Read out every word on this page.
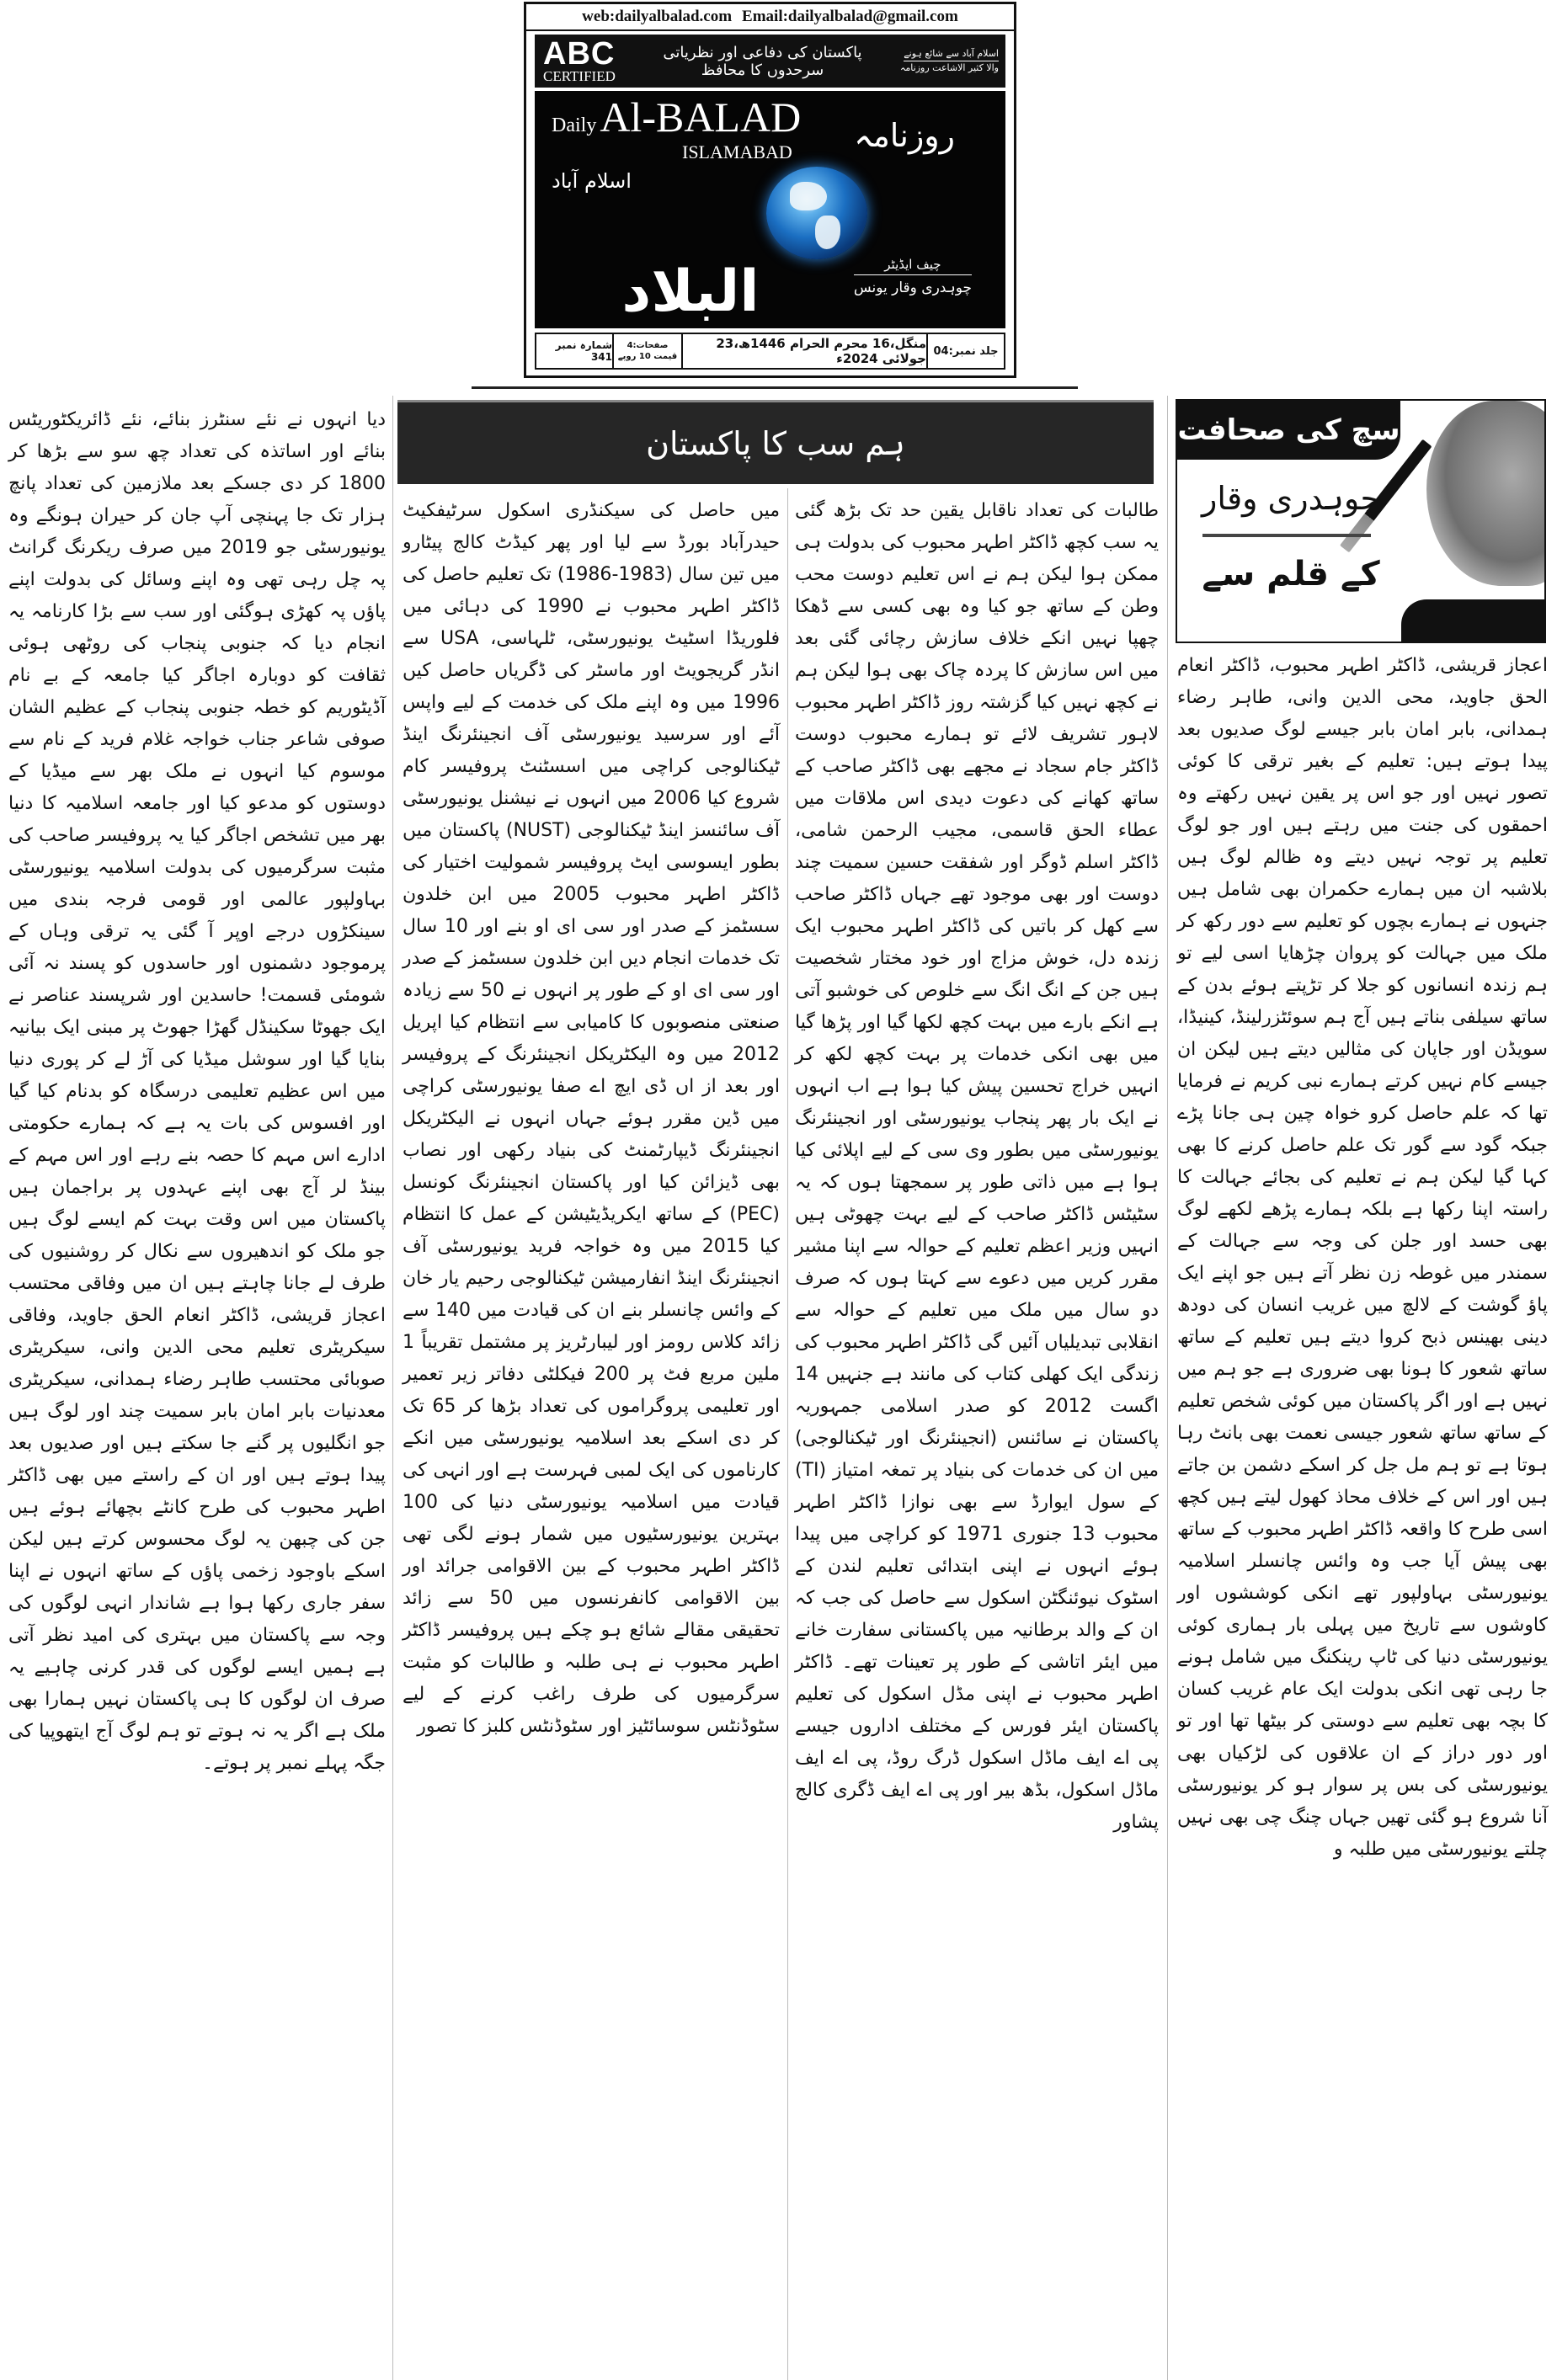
web:dailyalbalad.com Email:dailyalbalad@gmail.com
ABC
CERTIFIED
پاکستان کی دفاعی اور نظریاتی سرحدوں کا محافظ
اسلام آباد سے شائع ہونے
والا کثیر الاشاعت روزنامہ
Daily Al-BALAD
ISLAMABAD روزنامہ
اسلام آباد
البلاد	چیف ایڈیٹر
چوہدری وقار یونس
جلد نمبر:04
منگل،16 محرم الحرام 1446ھ،23 جولائی 2024ء
صفحات:4
قیمت 10 روپے
شمارہ نمبر 341
ہم سب کا پاکستان	سچ کی صحافت
چوہدری وقار
کے قلم سے
اعجاز قریشی، ڈاکٹر اطہر محبوب، ڈاکٹر انعام الحق جاوید، محی الدین وانی، طاہر رضاء ہمدانی، بابر امان بابر جیسے لوگ صدیوں بعد پیدا ہوتے ہیں: تعلیم کے بغیر ترقی کا کوئی تصور نہیں اور جو اس پر یقین نہیں رکھتے وہ احمقوں کی جنت میں رہتے ہیں اور جو لوگ تعلیم پر توجہ نہیں دیتے وہ ظالم لوگ ہیں بلاشبہ ان میں ہمارے حکمران بھی شامل ہیں جنہوں نے ہمارے بچوں کو تعلیم سے دور رکھ کر ملک میں جہالت کو پروان چڑھایا اسی لیے تو ہم زندہ انسانوں کو جلا کر تڑپتے ہوئے بدن کے ساتھ سیلفی بناتے ہیں آج ہم سوئٹزرلینڈ، کینیڈا، سویڈن اور جاپان کی مثالیں دیتے ہیں لیکن ان جیسے کام نہیں کرتے ہمارے نبی کریم نے فرمایا تھا کہ علم حاصل کرو خواہ چین ہی جانا پڑے جبکہ گود سے گور تک علم حاصل کرنے کا بھی کہا گیا لیکن ہم نے تعلیم کی بجائے جہالت کا راستہ اپنا رکھا ہے بلکہ ہمارے پڑھے لکھے لوگ بھی حسد اور جلن کی وجہ سے جہالت کے سمندر میں غوطہ زن نظر آتے ہیں جو اپنے ایک پاؤ گوشت کے لالچ میں غریب انسان کی دودھ دینی بھینس ذبح کروا دیتے ہیں تعلیم کے ساتھ ساتھ شعور کا ہونا بھی ضروری ہے جو ہم میں نہیں ہے اور اگر پاکستان میں کوئی شخص تعلیم کے ساتھ ساتھ شعور جیسی نعمت بھی بانٹ رہا ہوتا ہے تو ہم مل جل کر اسکے دشمن بن جاتے ہیں اور اس کے خلاف محاذ کھول لیتے ہیں کچھ اسی طرح کا واقعہ ڈاکٹر اطہر محبوب کے ساتھ بھی پیش آیا جب وہ وائس چانسلر اسلامیہ یونیورسٹی بہاولپور تھے انکی کوششوں اور کاوشوں سے تاریخ میں پہلی بار ہماری کوئی یونیورسٹی دنیا کی ٹاپ رینکنگ میں شامل ہونے جا رہی تھی انکی بدولت ایک عام غریب کسان کا بچہ بھی تعلیم سے دوستی کر بیٹھا تھا اور تو اور دور دراز کے ان علاقوں کی لڑکیاں بھی یونیورسٹی کی بس پر سوار ہو کر یونیورسٹی آنا شروع ہو گئی تھیں جہاں چنگ چی بھی نہیں چلتے یونیورسٹی میں طلبہ و
طالبات کی تعداد ناقابل یقین حد تک بڑھ گئی یہ سب کچھ ڈاکٹر اطہر محبوب کی بدولت ہی ممکن ہوا لیکن ہم نے اس تعلیم دوست محب وطن کے ساتھ جو کیا وہ بھی کسی سے ڈھکا چھپا نہیں انکے خلاف سازش رچائی گئی بعد میں اس سازش کا پردہ چاک بھی ہوا لیکن ہم نے کچھ نہیں کیا گزشتہ روز ڈاکٹر اطہر محبوب لاہور تشریف لائے تو ہمارے محبوب دوست ڈاکٹر جام سجاد نے مجھے بھی ڈاکٹر صاحب کے ساتھ کھانے کی دعوت دیدی اس ملاقات میں عطاء الحق قاسمی، مجیب الرحمن شامی، ڈاکٹر اسلم ڈوگر اور شفقت حسین سمیت چند دوست اور بھی موجود تھے جہاں ڈاکٹر صاحب سے کھل کر باتیں کی ڈاکٹر اطہر محبوب ایک زندہ دل، خوش مزاج اور خود مختار شخصیت ہیں جن کے انگ انگ سے خلوص کی خوشبو آتی ہے انکے بارے میں بہت کچھ لکھا گیا اور پڑھا گیا میں بھی انکی خدمات پر بہت کچھ لکھ کر انہیں خراج تحسین پیش کیا ہوا ہے اب انہوں نے ایک بار پھر پنجاب یونیورسٹی اور انجینئرنگ یونیورسٹی میں بطور وی سی کے لیے اپلائی کیا ہوا ہے میں ذاتی طور پر سمجھتا ہوں کہ یہ سٹیٹس ڈاکٹر صاحب کے لیے بہت چھوٹی ہیں انہیں وزیر اعظم تعلیم کے حوالہ سے اپنا مشیر مقرر کریں میں دعوے سے کہتا ہوں کہ صرف دو سال میں ملک میں تعلیم کے حوالہ سے انقلابی تبدیلیاں آئیں گی ڈاکٹر اطہر محبوب کی زندگی ایک کھلی کتاب کی مانند ہے جنہیں 14 اگست 2012 کو صدر اسلامی جمہوریہ پاکستان نے سائنس (انجینئرنگ اور ٹیکنالوجی) میں ان کی خدمات کی بنیاد پر تمغہ امتیاز (TI) کے سول ایوارڈ سے بھی نوازا ڈاکٹر اطہر محبوب 13 جنوری 1971 کو کراچی میں پیدا ہوئے انہوں نے اپنی ابتدائی تعلیم لندن کے اسٹوک نیوئنگٹن اسکول سے حاصل کی جب کہ ان کے والد برطانیہ میں پاکستانی سفارت خانے میں ایئر اتاشی کے طور پر تعینات تھے۔ ڈاکٹر اطہر محبوب نے اپنی مڈل اسکول کی تعلیم پاکستان ایئر فورس کے مختلف اداروں جیسے پی اے ایف ماڈل اسکول ڈرگ روڈ، پی اے ایف ماڈل اسکول، بڈھ بیر اور پی اے ایف ڈگری کالج پشاور
میں حاصل کی سیکنڈری اسکول سرٹیفکیٹ حیدرآباد بورڈ سے لیا اور پھر کیڈٹ کالج پیٹارو میں تین سال (1983-1986) تک تعلیم حاصل کی ڈاکٹر اطہر محبوب نے 1990 کی دہائی میں فلوریڈا اسٹیٹ یونیورسٹی، ٹلہاسی، USA سے انڈر گریجویٹ اور ماسٹر کی ڈگریاں حاصل کیں 1996 میں وہ اپنے ملک کی خدمت کے لیے واپس آئے اور سرسید یونیورسٹی آف انجینئرنگ اینڈ ٹیکنالوجی کراچی میں اسسٹنٹ پروفیسر کام شروع کیا 2006 میں انہوں نے نیشنل یونیورسٹی آف سائنسز اینڈ ٹیکنالوجی (NUST) پاکستان میں بطور ایسوسی ایٹ پروفیسر شمولیت اختیار کی ڈاکٹر اطہر محبوب 2005 میں ابن خلدون سسٹمز کے صدر اور سی ای او بنے اور 10 سال تک خدمات انجام دیں ابن خلدون سسٹمز کے صدر اور سی ای او کے طور پر انہوں نے 50 سے زیادہ صنعتی منصوبوں کا کامیابی سے انتظام کیا اپریل 2012 میں وہ الیکٹریکل انجینئرنگ کے پروفیسر اور بعد از اں ڈی ایچ اے صفا یونیورسٹی کراچی میں ڈین مقرر ہوئے جہاں انہوں نے الیکٹریکل انجینئرنگ ڈیپارٹمنٹ کی بنیاد رکھی اور نصاب بھی ڈیزائن کیا اور پاکستان انجینئرنگ کونسل (PEC) کے ساتھ ایکریڈیٹیشن کے عمل کا انتظام کیا 2015 میں وہ خواجہ فرید یونیورسٹی آف انجینئرنگ اینڈ انفارمیشن ٹیکنالوجی رحیم یار خان کے وائس چانسلر بنے ان کی قیادت میں 140 سے زائد کلاس رومز اور لیبارٹریز پر مشتمل تقریباً 1 ملین مربع فٹ پر 200 فیکلٹی دفاتر زیر تعمیر اور تعلیمی پروگراموں کی تعداد بڑھا کر 65 تک کر دی اسکے بعد اسلامیہ یونیورسٹی میں انکے کارناموں کی ایک لمبی فہرست ہے اور انہی کی قیادت میں اسلامیہ یونیورسٹی دنیا کی 100 بہترین یونیورسٹیوں میں شمار ہونے لگی تھی ڈاکٹر اطہر محبوب کے بین الاقوامی جرائد اور بین الاقوامی کانفرنسوں میں 50 سے زائد تحقیقی مقالے شائع ہو چکے ہیں پروفیسر ڈاکٹر اطہر محبوب نے ہی طلبہ و طالبات کو مثبت سرگرمیوں کی طرف راغب کرنے کے لیے سٹوڈنٹس سوسائٹیز اور سٹوڈنٹس کلبز کا تصور
دیا انہوں نے نئے سنٹرز بنائے، نئے ڈائریکٹوریٹس بنائے اور اساتذہ کی تعداد چھ سو سے بڑھا کر 1800 کر دی جسکے بعد ملازمین کی تعداد پانچ ہزار تک جا پہنچی آپ جان کر حیران ہونگے وہ یونیورسٹی جو 2019 میں صرف ریکرنگ گرانٹ پہ چل رہی تھی وہ اپنے وسائل کی بدولت اپنے پاؤں پہ کھڑی ہوگئی اور سب سے بڑا کارنامہ یہ انجام دیا کہ جنوبی پنجاب کی روٹھی ہوئی ثقافت کو دوبارہ اجاگر کیا جامعہ کے بے نام آڈیٹوریم کو خطہ جنوبی پنجاب کے عظیم الشان صوفی شاعر جناب خواجہ غلام فرید کے نام سے موسوم کیا انہوں نے ملک بھر سے میڈیا کے دوستوں کو مدعو کیا اور جامعہ اسلامیہ کا دنیا بھر میں تشخص اجاگر کیا یہ پروفیسر صاحب کی مثبت سرگرمیوں کی بدولت اسلامیہ یونیورسٹی بہاولپور عالمی اور قومی فرجہ بندی میں سینکڑوں درجے اوپر آ گئی یہ ترقی وہاں کے پرموجود دشمنوں اور حاسدوں کو پسند نہ آئی شومئی قسمت! حاسدین اور شرپسند عناصر نے ایک جھوٹا سکینڈل گھڑا جھوٹ پر مبنی ایک بیانیہ بنایا گیا اور سوشل میڈیا کی آڑ لے کر پوری دنیا میں اس عظیم تعلیمی درسگاہ کو بدنام کیا گیا اور افسوس کی بات یہ ہے کہ ہمارے حکومتی ادارے اس مہم کا حصہ بنے رہے اور اس مہم کے بینڈ لر آج بھی اپنے عہدوں پر براجمان ہیں پاکستان میں اس وقت بہت کم ایسے لوگ ہیں جو ملک کو اندھیروں سے نکال کر روشنیوں کی طرف لے جانا چاہتے ہیں ان میں وفاقی محتسب اعجاز قریشی، ڈاکٹر انعام الحق جاوید، وفاقی سیکریٹری تعلیم محی الدین وانی، سیکریٹری صوبائی محتسب طاہر رضاء ہمدانی، سیکریٹری معدنیات بابر امان بابر سمیت چند اور لوگ ہیں جو انگلیوں پر گنے جا سکتے ہیں اور صدیوں بعد پیدا ہوتے ہیں اور ان کے راستے میں بھی ڈاکٹر اطہر محبوب کی طرح کانٹے بچھائے ہوئے ہیں جن کی چبھن یہ لوگ محسوس کرتے ہیں لیکن اسکے باوجود زخمی پاؤں کے ساتھ انہوں نے اپنا سفر جاری رکھا ہوا ہے شاندار انہی لوگوں کی وجہ سے پاکستان میں بہتری کی امید نظر آتی ہے ہمیں ایسے لوگوں کی قدر کرنی چاہیے یہ صرف ان لوگوں کا ہی پاکستان نہیں ہمارا بھی ملک ہے اگر یہ نہ ہوتے تو ہم لوگ آج ایتھوپیا کی جگہ پہلے نمبر پر ہوتے۔
